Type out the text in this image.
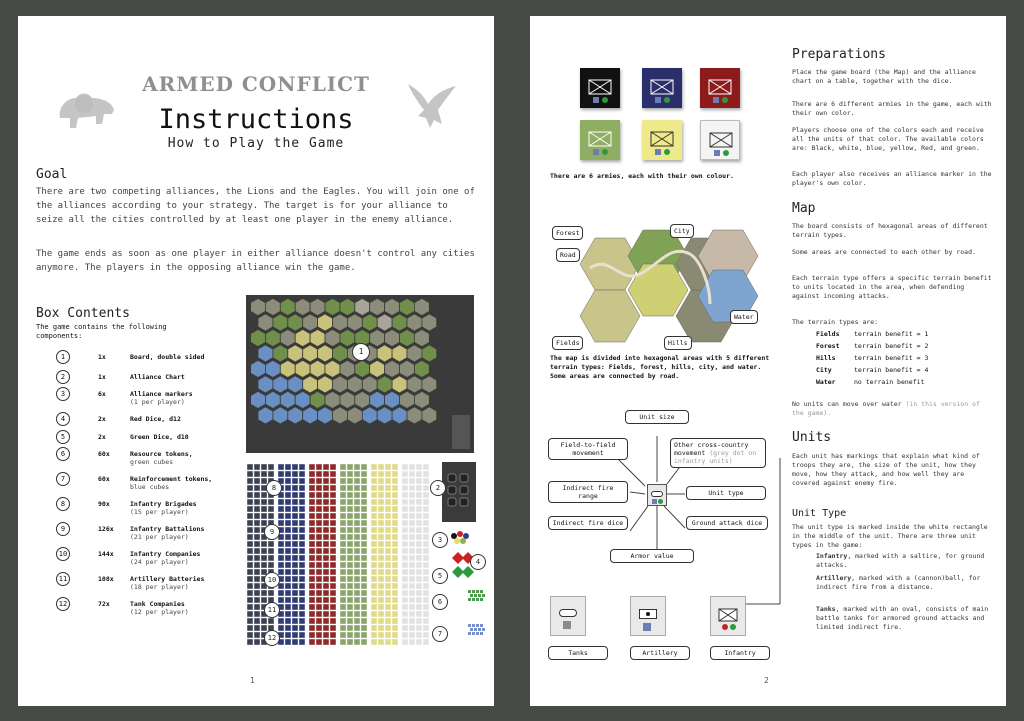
ARMED CONFLICT
Instructions
How to Play the Game
Goal
There are two competing alliances, the Lions and the Eagles. You will join one of the alliances according to your strategy. The target is for your alliance to seize all the cities controlled by at least one player in the enemy alliance.
The game ends as soon as one player in either alliance doesn't control any cities anymore. The players in the opposing alliance win the game.
Box Contents
The game contains the following components:
1	1x	Board, double sided
2	1x	Alliance Chart
3	6x	Alliance markers
(1 per player)
4	2x	Red Dice, d12
5	2x	Green Dice, d10
6	60x	Resource tokens,
green cubes
7	60x	Reinforcement tokens,
blue cubes
8	90x	Infantry Brigades
(15 per player)
9	126x	Infantry Battalions
(21 per player)
10	144x	Infantry Companies
(24 per player)
11	108x	Artillery Batteries
(18 per player)
12	72x	Tank Companies
(12 per player)
1
8
9
10
11
12
2
3
4
5
6
7
1
There are 6 armies, each with their own colour.
Forest	City
Road
Fields	Hills
Water
The map is divided into hexagonal areas with 5 different terrain types: Fields, forest, hills, city, and water. Some areas are connected by road.
Unit size
Field-to-field movement
Other cross-country movement (grey dot on infantry units)
Indirect fire range	Unit type
Indirect fire dice	Ground attack dice
Armor value
Tanks	Artillery	Infantry
Preparations
Place the game board (the Map) and the alliance chart on a table, together with the dice.
There are 6 different armies in the game, each with their own color.
Players choose one of the colors each and receive all the units of that color. The available colors are: Black, white, blue, yellow, Red, and green.
Each player also receives an alliance marker in the player's own color.
Map
The board consists of hexagonal areas of different terrain types.
Some areas are connected to each other by road.
Each terrain type offers a specific terrain benefit to units located in the area, when defending against incoming attacks.
The terrain types are:
Fields terrain benefit = 1
Forest terrain benefit = 2
Hills	terrain benefit = 3
City	terrain benefit = 4
Water	no terrain benefit
No units can move over water (in this version of the game).
Units
Each unit has markings that explain what kind of troops they are, the size of the unit, how they move, how they attack, and how well they are covered against enemy fire.
Unit Type
The unit type is marked inside the white rectangle in the middle of the unit. There are three unit types in the game:
Infantry, marked with a saltire, for ground attacks.
Artillery, marked with a (cannon)ball, for indirect fire from a distance.
Tanks, marked with an oval, consists of main battle tanks for armored ground attacks and limited indirect fire.
2
